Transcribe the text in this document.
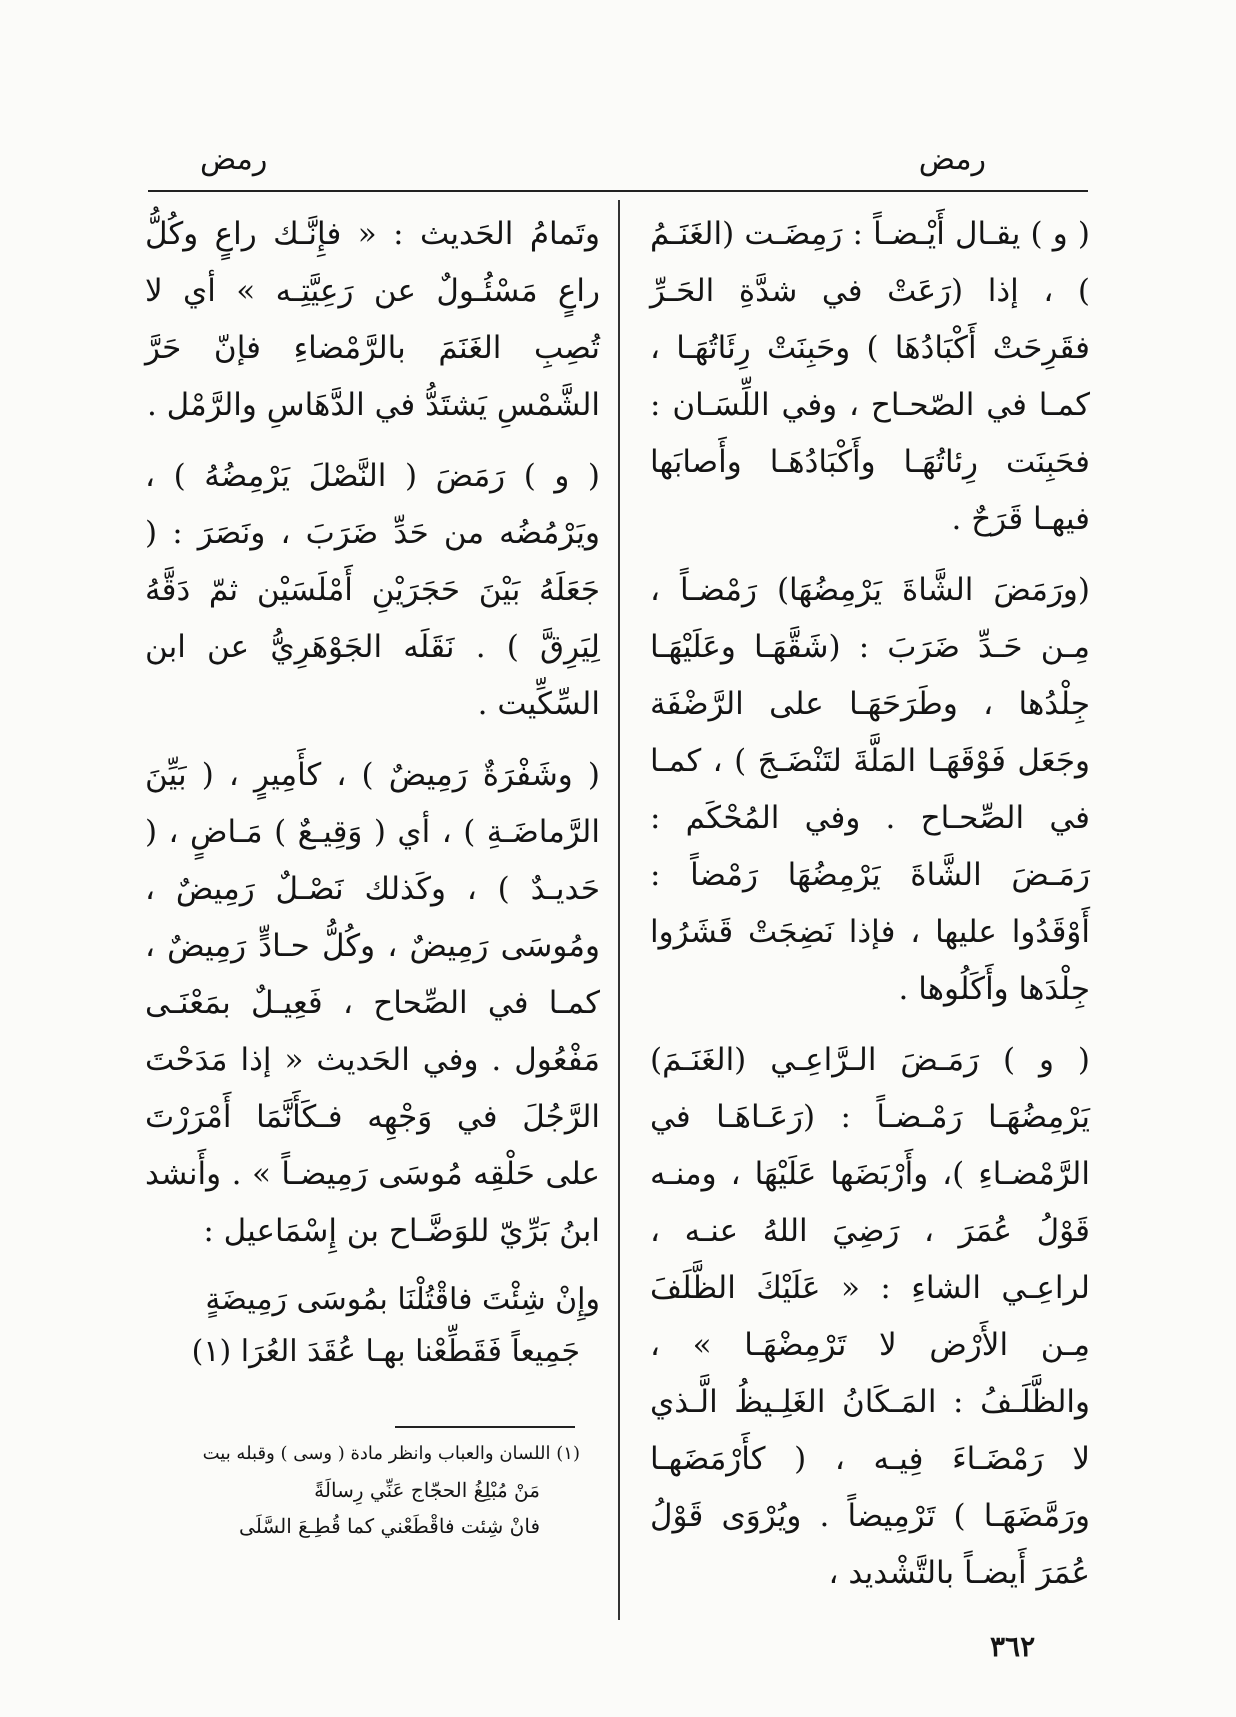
رمض
رمض

( و ) يقـال أَيْـضـاً : رَمِضَـت (الغَنَـمُ ) ، إذا (رَعَتْ في شدَّةِ الحَـرِّ فقَرِحَتْ أَكْبَادُهَا ) وحَبِنَتْ رِئَاتُهَـا ، كمـا في الصّحـاح ، وفي اللِّسَـان : فحَبِنَت رِئاتُهَـا وأَكْبَادُهَـا وأَصابَها فيهـا قَرَحٌ .

(ورَمَضَ الشَّاةَ يَرْمِضُهَا) رَمْضـاً ، مِـن حَـدِّ ضَرَبَ : (شَقَّهَـا وعَلَيْهَـا جِلْدُها ، وطَرَحَهَـا على الرَّضْفَة وجَعَل فَوْقَهَـا المَلَّةَ لتَنْضَـجَ ) ، كمـا في الصِّحـاح . وفي المُحْكَم : رَمَـضَ الشَّاةَ يَرْمِضُهَا رَمْضاً : أَوْقَدُوا عليها ، فإذا نَضِجَتْ قَشَرُوا جِلْدَها وأَكَلُوها .

( و ) رَمَـضَ الـرَّاعِـي (الغَنَـمَ) يَرْمِضُهَـا رَمْـضـاً : (رَعَـاهَـا في الرَّمْضـاءِ )، وأَرْبَضَها عَلَيْهَا ، ومنـه قَوْلُ عُمَرَ ، رَضِيَ اللهُ عنـه ، لراعِـي الشاءِ : « عَلَيْكَ الظَّلَفَ مِـن الأَرْض لا تَرْمِضْهَـا » ، والظَّلَـفُ : المَـكَانُ الغَلِـيظُ الَّـذي لا رَمْضَـاءَ فِيـه ، ( كأَرْمَضَهـا ورَمَّضَهَـا ) تَرْمِيضاً . ويُرْوَى قَوْلُ عُمَرَ أَيضـاً بالتَّشْديد ،

وتَمامُ الحَديث : « فإِنَّـك راعٍ وكُلُّ راعٍ مَسْئُـولٌ عن رَعِيَّتِـه » أي لا تُصِبِ الغَنَمَ بالرَّمْضاءِ فإنّ حَرَّ الشَّمْسِ يَشتَدُّ في الدَّهَاسِ والرَّمْل .

( و ) رَمَضَ ( النَّصْلَ يَرْمِضُهُ ) ، ويَرْمُضُه من حَدِّ ضَرَبَ ، ونَصَرَ : ( جَعَلَهُ بَيْنَ حَجَرَيْنِ أَمْلَسَيْن ثمّ دَقَّهُ لِيَرِقَّ ) . نَقَلَه الجَوْهَرِيُّ عن ابن السِّكِّيت .

( وشَفْرَةٌ رَمِيضٌ ) ، كأَمِيرٍ ، ( بَيِّنَ الرَّماضَـةِ ) ، أي ( وَقِيـعٌ ) مَـاضٍ ، ( حَديـدٌ ) ، وكَذلك نَصْـلٌ رَمِيضٌ ، ومُوسَى رَمِيضٌ ، وكُلُّ حـادٍّ رَمِيضٌ ، كمـا في الصِّحاح ، فَعِيـلٌ بمَعْنَـى مَفْعُول . وفي الحَديث « إذا مَدَحْتَ الرَّجُلَ في وَجْهِه فـكَأَنَّمَا أَمْرَرْتَ على حَلْقِه مُوسَى رَمِيضـاً » . وأَنشد ابنُ بَرِّيّ للوَضَّـاح بن إِسْمَاعيل :

وإِنْ شِئْتَ فاقْتُلْنَا بمُوسَى رَمِيضَةٍ
جَمِيعاً فَقَطِّعْنا بهـا عُقَدَ العُرَا (١)
(١) اللسان والعباب وانظر مادة ( وسى ) وقبله بيت
مَنْ مُبْلِغُ الحجّاج عَنِّي رِسالَةً
فانْ شِئت فاقْطَعْني كما قُطِـعَ السَّلَى
٣٦٢
